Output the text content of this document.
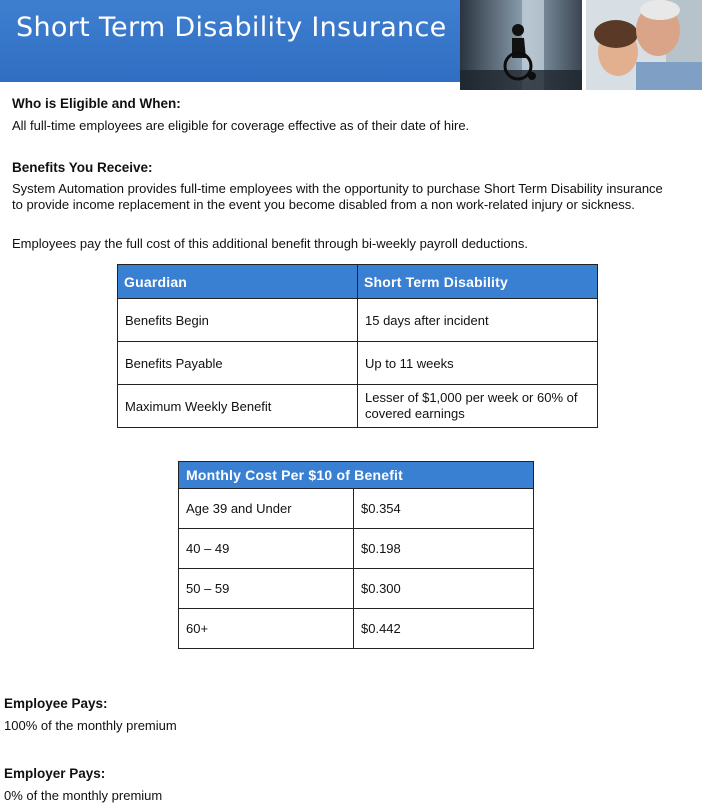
Short Term Disability Insurance
Who is Eligible and When:
All full-time employees are eligible for coverage effective as of their date of hire.
Benefits You Receive:
System Automation provides full-time employees with the opportunity to purchase Short Term Disability insurance
to provide income replacement in the event you become disabled from a non work-related injury or sickness.
Employees pay the full cost of this additional benefit through bi-weekly payroll deductions.
Guardian	Short Term Disability
Benefits Begin	15 days after incident
Benefits Payable	Up to 11 weeks
Maximum Weekly Benefit	Lesser of $1,000 per week or 60% of covered earnings
Monthly Cost Per $10 of Benefit	
Age 39 and Under	$0.354
40 – 49	$0.198
50 – 59	$0.300
60+	$0.442
Employee Pays:
100% of the monthly premium
Employer Pays:
0% of the monthly premium
